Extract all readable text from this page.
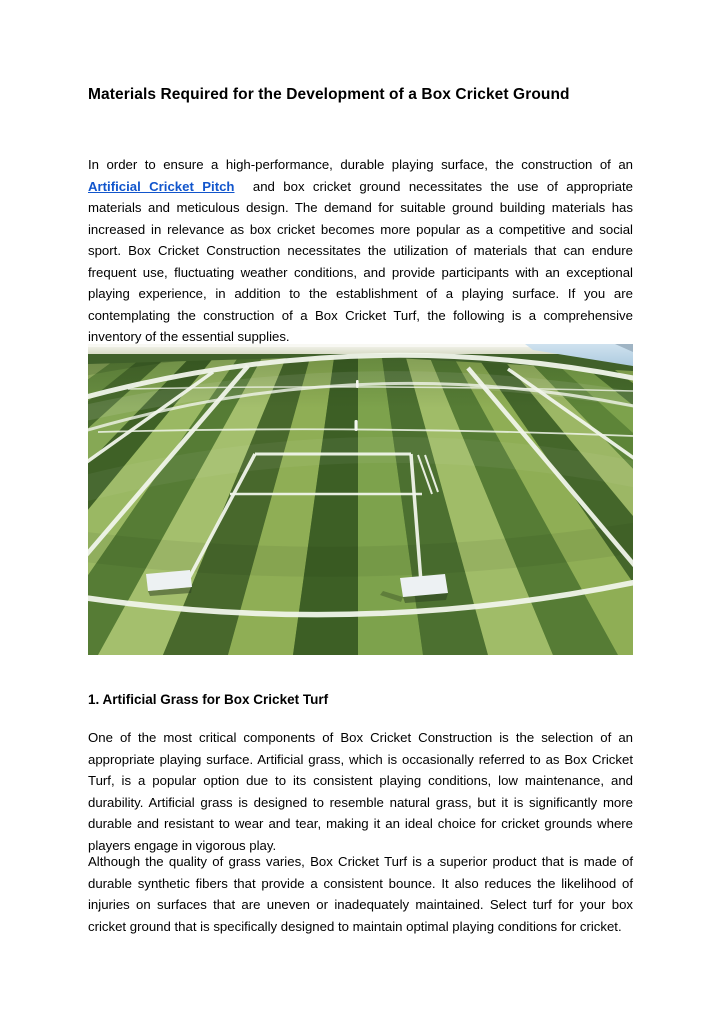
Materials Required for the Development of a Box Cricket Ground

In order to ensure a high-performance, durable playing surface, the construction of an Artificial Cricket Pitch and box cricket ground necessitates the use of appropriate materials and meticulous design. The demand for suitable ground building materials has increased in relevance as box cricket becomes more popular as a competitive and social sport. Box Cricket Construction necessitates the utilization of materials that can endure frequent use, fluctuating weather conditions, and provide participants with an exceptional playing experience, in addition to the establishment of a playing surface. If you are contemplating the construction of a Box Cricket Turf, the following is a comprehensive inventory of the essential supplies.

1. Artificial Grass for Box Cricket Turf

One of the most critical components of Box Cricket Construction is the selection of an appropriate playing surface. Artificial grass, which is occasionally referred to as Box Cricket Turf, is a popular option due to its consistent playing conditions, low maintenance, and durability. Artificial grass is designed to resemble natural grass, but it is significantly more durable and resistant to wear and tear, making it an ideal choice for cricket grounds where players engage in vigorous play.

Although the quality of grass varies, Box Cricket Turf is a superior product that is made of durable synthetic fibers that provide a consistent bounce. It also reduces the likelihood of injuries on surfaces that are uneven or inadequately maintained. Select turf for your box cricket ground that is specifically designed to maintain optimal playing conditions for cricket.
